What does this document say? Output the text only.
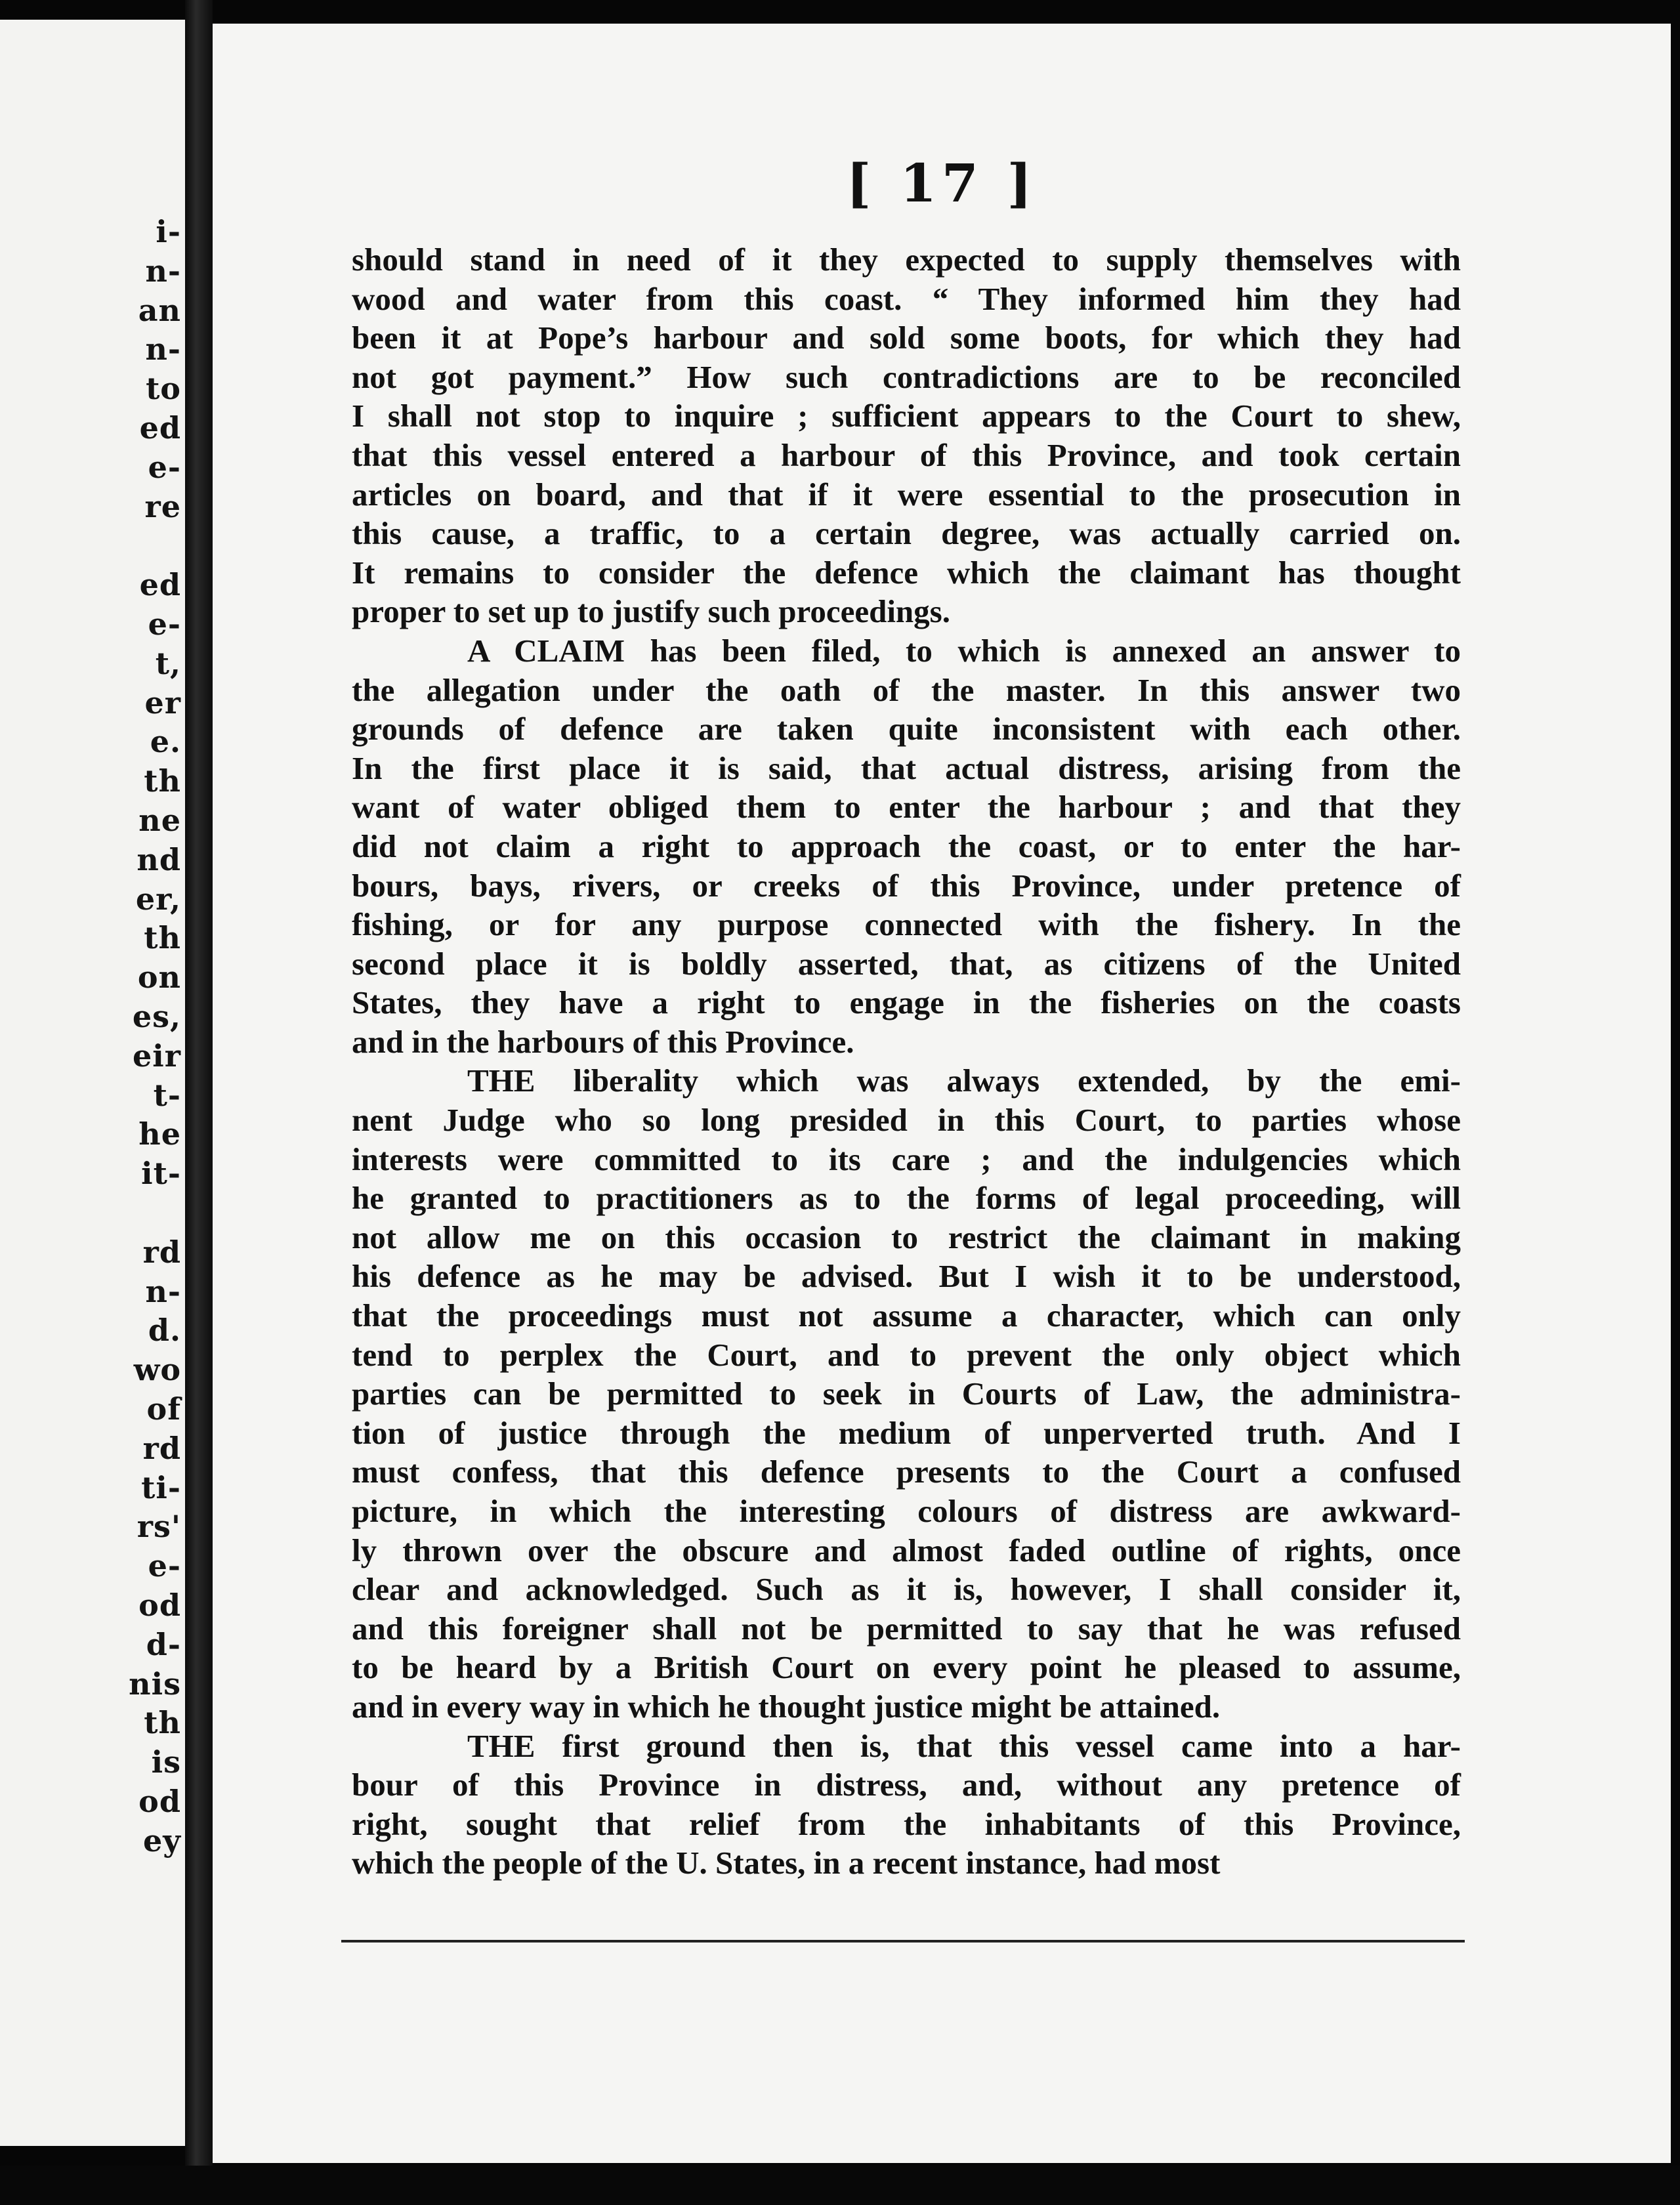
i-
n-
an
n-
to
ed
e-
re
ed
e-
t,
er
e.
th
ne
nd
er,
th
on
es,
eir
t-
he
it-
rd
n-
d.
wo
of
rd
ti-
rs'
e-
od
d-
nis
th
is
od
ey
[ 17 ]
should stand in need of it they expected to supply themselves with
wood and water from this coast. “ They informed him they had
been it at Pope’s harbour and sold some boots, for which they had
not got payment.” How such contradictions are to be reconciled
I shall not stop to inquire ; sufficient appears to the Court to shew,
that this vessel entered a harbour of this Province, and took certain
articles on board, and that if it were essential to the prosecution in
this cause, a traffic, to a certain degree, was actually carried on.
It remains to consider the defence which the claimant has thought
proper to set up to justify such proceedings.
A CLAIM has been filed, to which is annexed an answer to
the allegation under the oath of the master. In this answer two
grounds of defence are taken quite inconsistent with each other.
In the first place it is said, that actual distress, arising from the
want of water obliged them to enter the harbour ; and that they
did not claim a right to approach the coast, or to enter the har-
bours, bays, rivers, or creeks of this Province, under pretence of
fishing, or for any purpose connected with the fishery. In the
second place it is boldly asserted, that, as citizens of the United
States, they have a right to engage in the fisheries on the coasts
and in the harbours of this Province.
THE liberality which was always extended, by the emi-
nent Judge who so long presided in this Court, to parties whose
interests were committed to its care ; and the indulgencies which
he granted to practitioners as to the forms of legal proceeding, will
not allow me on this occasion to restrict the claimant in making
his defence as he may be advised. But I wish it to be understood,
that the proceedings must not assume a character, which can only
tend to perplex the Court, and to prevent the only object which
parties can be permitted to seek in Courts of Law, the administra-
tion of justice through the medium of unperverted truth. And I
must confess, that this defence presents to the Court a confused
picture, in which the interesting colours of distress are awkward-
ly thrown over the obscure and almost faded outline of rights, once
clear and acknowledged. Such as it is, however, I shall consider it,
and this foreigner shall not be permitted to say that he was refused
to be heard by a British Court on every point he pleased to assume,
and in every way in which he thought justice might be attained.
THE first ground then is, that this vessel came into a har-
bour of this Province in distress, and, without any pretence of
right, sought that relief from the inhabitants of this Province,
which the people of the U. States, in a recent instance, had most
